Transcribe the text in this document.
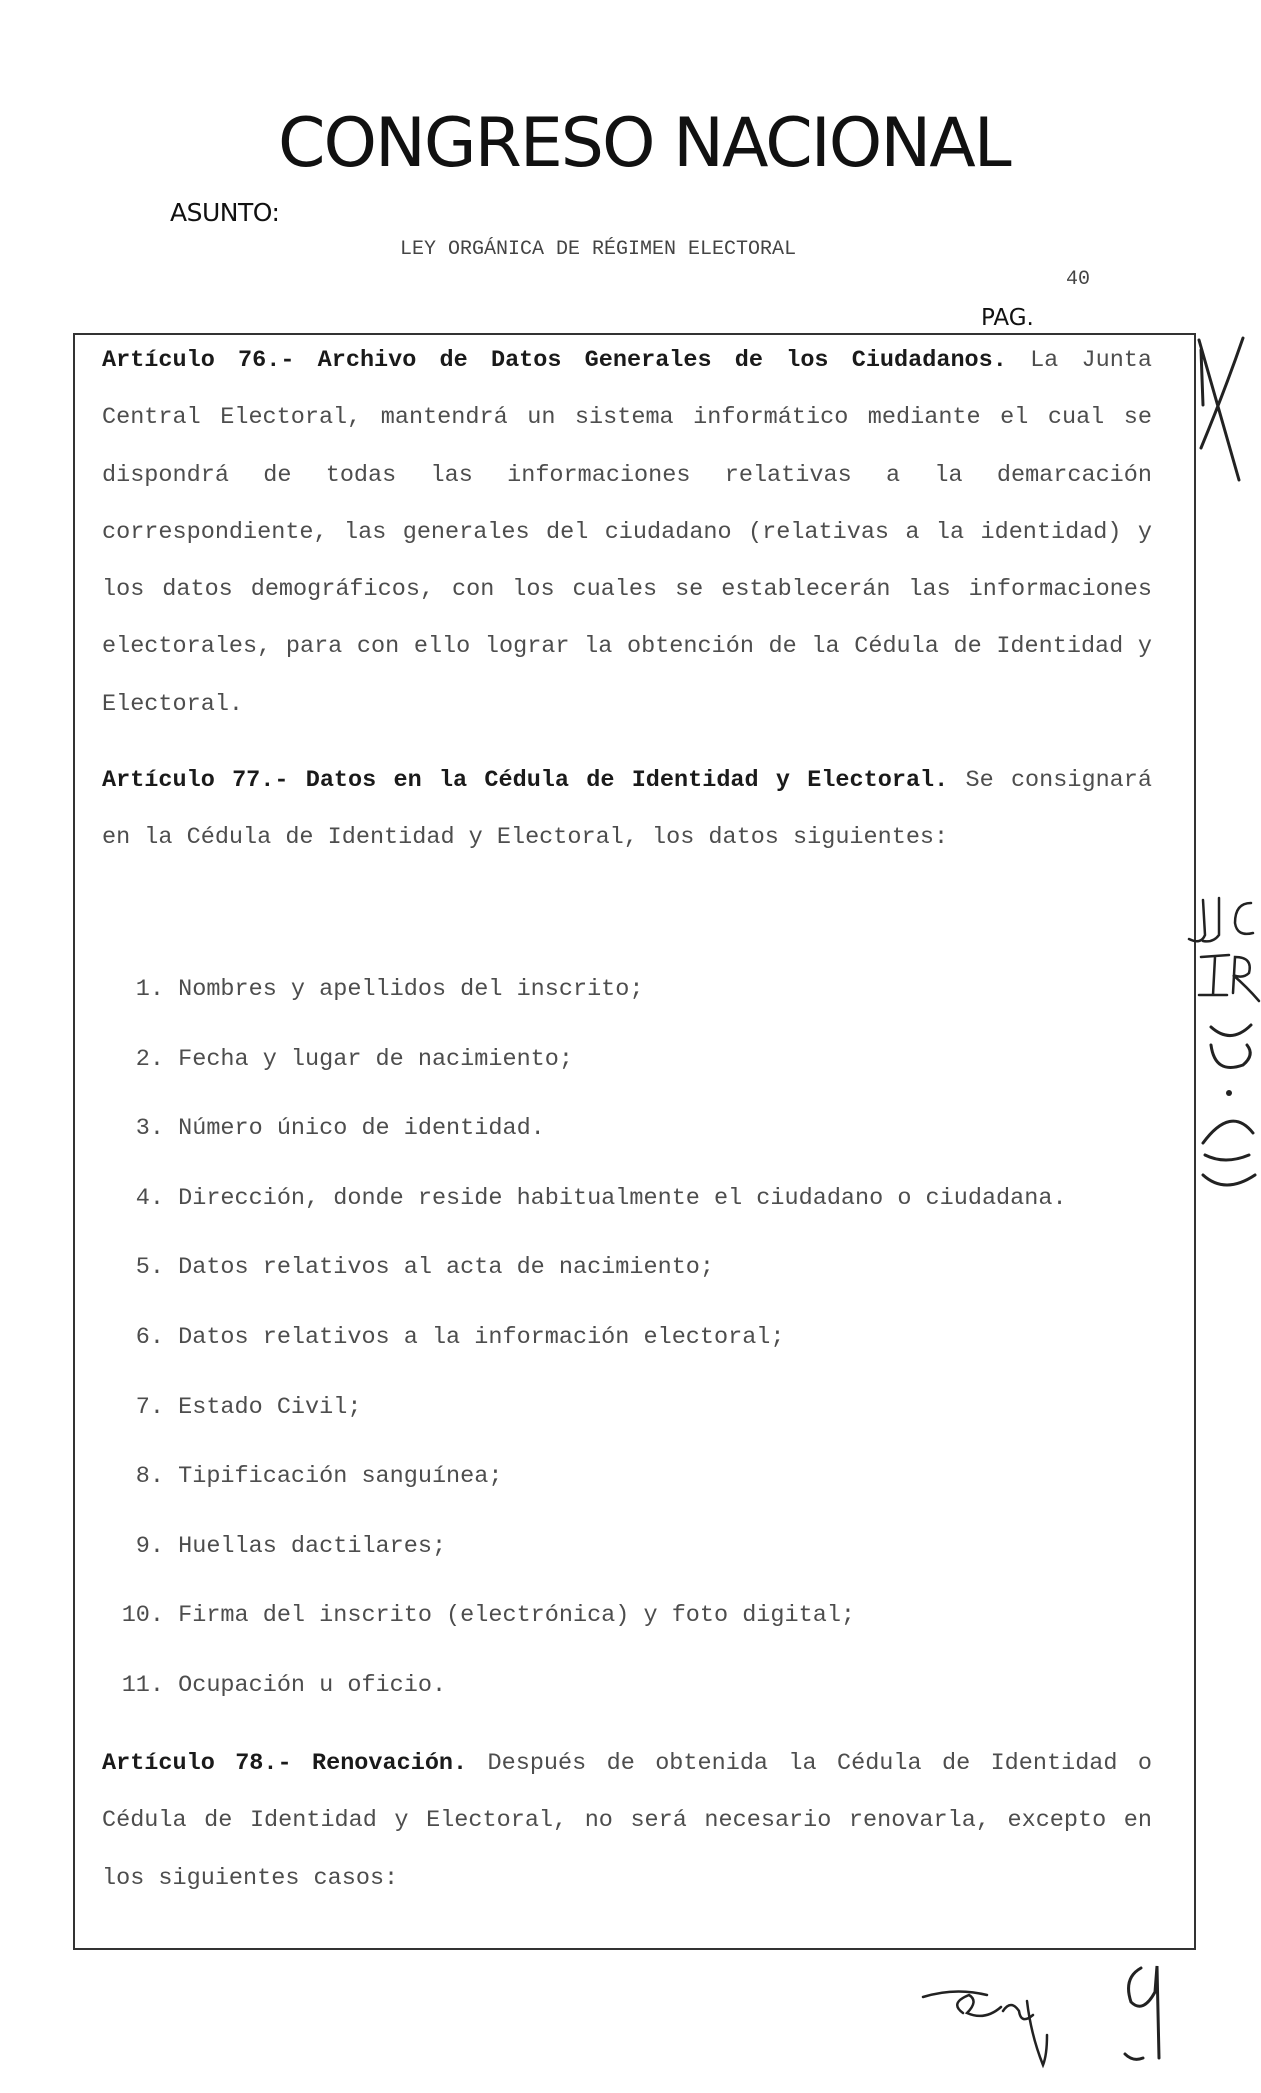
CONGRESO NACIONAL
ASUNTO:
LEY ORGÁNICA DE RÉGIMEN ELECTORAL
40
PAG.

Artículo 76.- Archivo de Datos Generales de los Ciudadanos. La Junta Central Electoral, mantendrá un sistema informático mediante el cual se dispondrá de todas las informaciones relativas a la demarcación correspondiente, las generales del ciudadano (relativas a la identidad) y los datos demográficos, con los cuales se establecerán las informaciones electorales, para con ello lograr la obtención de la Cédula de Identidad y Electoral.

Artículo 77.- Datos en la Cédula de Identidad y Electoral. Se consignará en la Cédula de Identidad y Electoral, los datos siguientes:

1. Nombres y apellidos del inscrito;
2. Fecha y lugar de nacimiento;
3. Número único de identidad.
4. Dirección, donde reside habitualmente el ciudadano o ciudadana.
5. Datos relativos al acta de nacimiento;
6. Datos relativos a la información electoral;
7. Estado Civil;
8. Tipificación sanguínea;
9. Huellas dactilares;
10. Firma del inscrito (electrónica) y foto digital;
11. Ocupación u oficio.

Artículo 78.- Renovación. Después de obtenida la Cédula de Identidad o Cédula de Identidad y Electoral, no será necesario renovarla, excepto en los siguientes casos:
